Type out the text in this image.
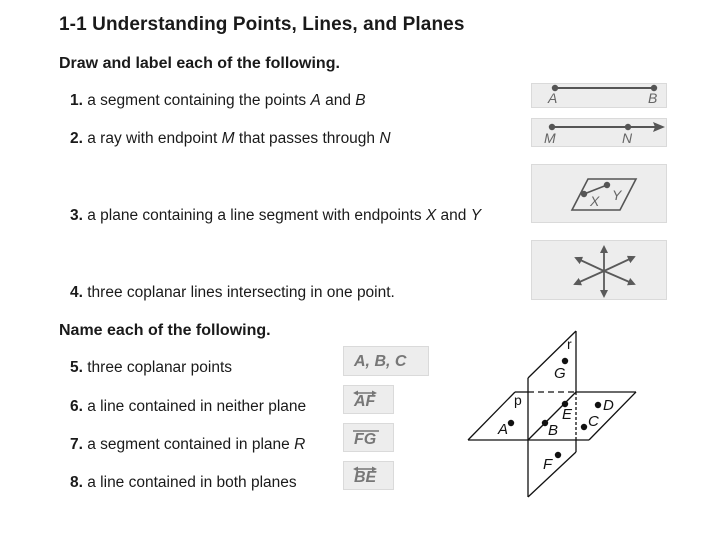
1-1 Understanding Points, Lines, and Planes
Draw and label each of the following.
1. a segment containing the points A and B
2. a ray with endpoint M that passes through N
3. a plane containing a line segment with endpoints X and Y
4. three coplanar lines intersecting in one point.
A	B
M	N
X Y
Name each of the following.
5. three coplanar points
6. a line contained in neither plane
7. a segment contained in plane R
8. a line contained in both planes
A, B, C
AF
FG
BE
G
A	B
E
D
C
F
p
r
